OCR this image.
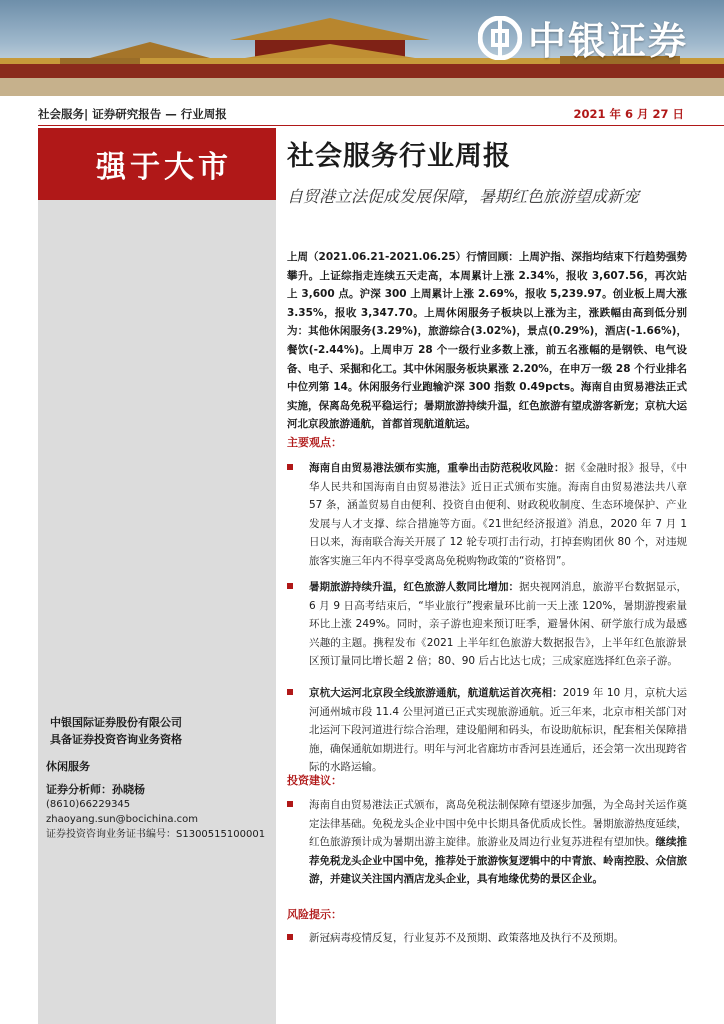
中银证券
社会服务| 证券研究报告 — 行业周报	2021 年 6 月 27 日
强于大市
中银国际证券股份有限公司
具备证券投资咨询业务资格
休闲服务
证券分析师：孙晓杨
(8610)66229345
zhaoyang.sun@bocichina.com
证券投资咨询业务证书编号：S1300515100001
社会服务行业周报
自贸港立法促成发展保障，暑期红色旅游望成新宠
上周（2021.06.21-2021.06.25）行情回顾：上周沪指、深指均结束下行趋势强势攀升。上证综指走连续五天走高，本周累计上涨 2.34%，报收 3,607.56，再次站上 3,600 点。沪深 300 上周累计上涨 2.69%，报收 5,239.97。创业板上周大涨 3.35%，报收 3,347.70。上周休闲服务子板块以上涨为主，涨跌幅由高到低分别为：其他休闲服务(3.29%)，旅游综合(3.02%)，景点(0.29%)，酒店(-1.66%)，餐饮(-2.44%)。上周申万 28 个一级行业多数上涨，前五名涨幅的是钢铁、电气设备、电子、采掘和化工。其中休闲服务板块累涨 2.20%，在申万一级 28 个行业排名中位列第 14。休闲服务行业跑输沪深 300 指数 0.49pcts。海南自由贸易港法正式实施，保离岛免税平稳运行；暑期旅游持续升温，红色旅游有望成游客新宠；京杭大运河北京段旅游通航，首都首现航道航运。
主要观点：
海南自由贸易港法颁布实施，重拳出击防范税收风险：据《金融时报》报导，《中华人民共和国海南自由贸易港法》近日正式颁布实施。海南自由贸易港法共八章 57 条，涵盖贸易自由便利、投资自由便利、财政税收制度、生态环境保护、产业发展与人才支撑、综合措施等方面。《21世纪经济报道》消息，2020 年 7 月 1 日以来，海南联合海关开展了 12 轮专项打击行动，打掉套购团伙 80 个，对违规旅客实施三年内不得享受离岛免税购物政策的“资格罚”。
暑期旅游持续升温，红色旅游人数同比增加：据央视网消息，旅游平台数据显示，6 月 9 日高考结束后，“毕业旅行”搜索量环比前一天上涨 120%，暑期游搜索量环比上涨 249%。同时，亲子游也迎来预订旺季，避暑休闲、研学旅行成为最感兴趣的主题。携程发布《2021 上半年红色旅游大数据报告》，上半年红色旅游景区预订量同比增长超 2 倍；80、90 后占比达七成；三成家庭选择红色亲子游。
京杭大运河北京段全线旅游通航，航道航运首次亮相：2019 年 10 月，京杭大运河通州城市段 11.4 公里河道已正式实现旅游通航。近三年来，北京市相关部门对北运河下段河道进行综合治理，建设船闸和码头，布设助航标识，配套相关保障措施，确保通航如期进行。明年与河北省廊坊市香河县连通后，还会第一次出现跨省际的水路运输。
投资建议：
海南自由贸易港法正式颁布，离岛免税法制保障有望逐步加强，为全岛封关运作奠定法律基础。免税龙头企业中国中免中长期具备优质成长性。暑期旅游热度延续，红色旅游预计成为暑期出游主旋律。旅游业及周边行业复苏进程有望加快。继续推荐免税龙头企业中国中免，推荐处于旅游恢复逻辑中的中青旅、岭南控股、众信旅游，并建议关注国内酒店龙头企业，具有地缘优势的景区企业。
风险提示：
新冠病毒疫情反复，行业复苏不及预期、政策落地及执行不及预期。
